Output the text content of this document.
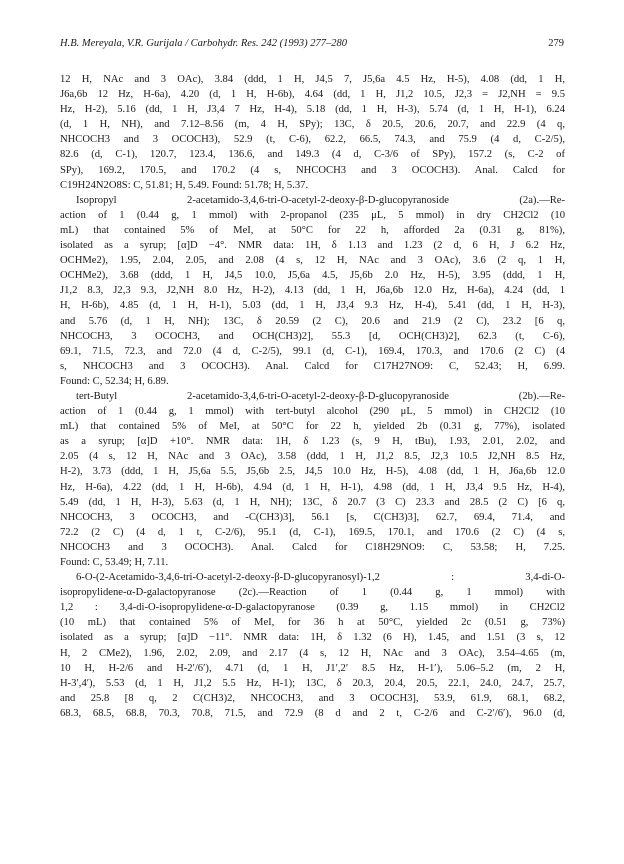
H.B. Mereyala, V.R. Gurijala / Carbohydr. Res. 242 (1993) 277–280	279
12 H, NAc and 3 OAc), 3.84 (ddd, 1 H, J4,5 7, J5,6a 4.5 Hz, H-5), 4.08 (dd, 1 H,
J6a,6b 12 Hz, H-6a), 4.20 (d, 1 H, H-6b), 4.64 (dd, 1 H, J1,2 10.5, J2,3 = J2,NH = 9.5
Hz, H-2), 5.16 (dd, 1 H, J3,4 7 Hz, H-4), 5.18 (dd, 1 H, H-3), 5.74 (d, 1 H, H-1), 6.24
(d, 1 H, NH), and 7.12–8.56 (m, 4 H, SPy); 13C, δ 20.5, 20.6, 20.7, and 22.9 (4 q,
NHCOCH3 and 3 OCOCH3), 52.9 (t, C-6), 62.2, 66.5, 74.3, and 75.9 (4 d, C-2/5),
82.6 (d, C-1), 120.7, 123.4, 136.6, and 149.3 (4 d, C-3/6 of SPy), 157.2 (s, C-2 of
SPy), 169.2, 170.5, and 170.2 (4 s, NHCOCH3 and 3 OCOCH3). Anal. Calcd for
C19H24N2O8S: C, 51.81; H, 5.49. Found: 51.78; H, 5.37.
Isopropyl 2-acetamido-3,4,6-tri-O-acetyl-2-deoxy-β-D-glucopyranoside (2a).—Re-
action of 1 (0.44 g, 1 mmol) with 2-propanol (235 μL, 5 mmol) in dry CH2Cl2 (10
mL) that contained 5% of MeI, at 50°C for 22 h, afforded 2a (0.31 g, 81%),
isolated as a syrup; [α]D −4°. NMR data: 1H, δ 1.13 and 1.23 (2 d, 6 H, J 6.2 Hz,
OCHMe2), 1.95, 2.04, 2.05, and 2.08 (4 s, 12 H, NAc and 3 OAc), 3.6 (2 q, 1 H,
OCHMe2), 3.68 (ddd, 1 H, J4,5 10.0, J5,6a 4.5, J5,6b 2.0 Hz, H-5), 3.95 (ddd, 1 H,
J1,2 8.3, J2,3 9.3, J2,NH 8.0 Hz, H-2), 4.13 (dd, 1 H, J6a,6b 12.0 Hz, H-6a), 4.24 (dd, 1
H, H-6b), 4.85 (d, 1 H, H-1), 5.03 (dd, 1 H, J3,4 9.3 Hz, H-4), 5.41 (dd, 1 H, H-3),
and 5.76 (d, 1 H, NH); 13C, δ 20.59 (2 C), 20.6 and 21.9 (2 C), 23.2 [6 q,
NHCOCH3, 3 OCOCH3, and OCH(CH3)2], 55.3 [d, OCH(CH3)2], 62.3 (t, C-6),
69.1, 71.5, 72.3, and 72.0 (4 d, C-2/5), 99.1 (d, C-1), 169.4, 170.3, and 170.6 (2 C) (4
s, NHCOCH3 and 3 OCOCH3). Anal. Calcd for C17H27NO9: C, 52.43; H, 6.99.
Found: C, 52.34; H, 6.89.
tert-Butyl 2-acetamido-3,4,6-tri-O-acetyl-2-deoxy-β-D-glucopyranoside (2b).—Re-
action of 1 (0.44 g, 1 mmol) with tert-butyl alcohol (290 μL, 5 mmol) in CH2Cl2 (10
mL) that contained 5% of MeI, at 50°C for 22 h, yielded 2b (0.31 g, 77%), isolated
as a syrup; [α]D +10°. NMR data: 1H, δ 1.23 (s, 9 H, tBu), 1.93, 2.01, 2.02, and
2.05 (4 s, 12 H, NAc and 3 OAc), 3.58 (ddd, 1 H, J1,2 8.5, J2,3 10.5 J2,NH 8.5 Hz,
H-2), 3.73 (ddd, 1 H, J5,6a 5.5, J5,6b 2.5, J4,5 10.0 Hz, H-5), 4.08 (dd, 1 H, J6a,6b 12.0
Hz, H-6a), 4.22 (dd, 1 H, H-6b), 4.94 (d, 1 H, H-1), 4.98 (dd, 1 H, J3,4 9.5 Hz, H-4),
5.49 (dd, 1 H, H-3), 5.63 (d, 1 H, NH); 13C, δ 20.7 (3 C) 23.3 and 28.5 (2 C) [6 q,
NHCOCH3, 3 OCOCH3, and -C(CH3)3], 56.1 [s, C(CH3)3], 62.7, 69.4, 71.4, and
72.2 (2 C) (4 d, 1 t, C-2/6), 95.1 (d, C-1), 169.5, 170.1, and 170.6 (2 C) (4 s,
NHCOCH3 and 3 OCOCH3). Anal. Calcd for C18H29NO9: C, 53.58; H, 7.25.
Found: C, 53.49; H, 7.11.
6-O-(2-Acetamido-3,4,6-tri-O-acetyl-2-deoxy-β-D-glucopyranosyl)-1,2 : 3,4-di-O-
isopropylidene-α-D-galactopyranose (2c).—Reaction of 1 (0.44 g, 1 mmol) with
1,2 : 3,4-di-O-isopropylidene-α-D-galactopyranose (0.39 g, 1.15 mmol) in CH2Cl2
(10 mL) that contained 5% of MeI, for 36 h at 50°C, yielded 2c (0.51 g, 73%)
isolated as a syrup; [α]D −11°. NMR data: 1H, δ 1.32 (6 H), 1.45, and 1.51 (3 s, 12
H, 2 CMe2), 1.96, 2.02, 2.09, and 2.17 (4 s, 12 H, NAc and 3 OAc), 3.54–4.65 (m,
10 H, H-2/6 and H-2′/6′), 4.71 (d, 1 H, J1′,2′ 8.5 Hz, H-1′), 5.06–5.2 (m, 2 H,
H-3′,4′), 5.53 (d, 1 H, J1,2 5.5 Hz, H-1); 13C, δ 20.3, 20.4, 20.5, 22.1, 24.0, 24.7, 25.7,
and 25.8 [8 q, 2 C(CH3)2, NHCOCH3, and 3 OCOCH3], 53.9, 61.9, 68.1, 68.2,
68.3, 68.5, 68.8, 70.3, 70.8, 71.5, and 72.9 (8 d and 2 t, C-2/6 and C-2′/6′), 96.0 (d,
